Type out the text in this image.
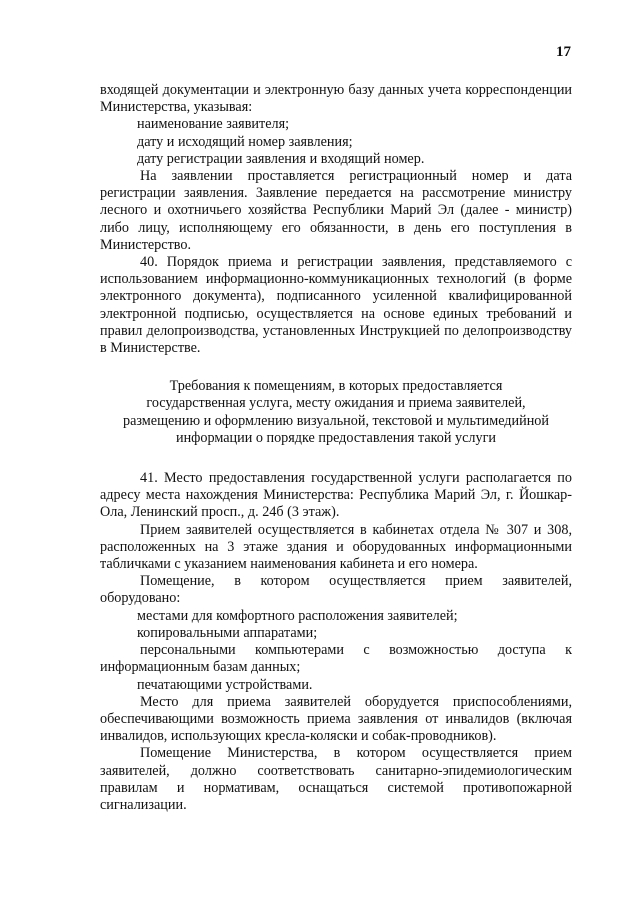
17

входящей документации и электронную базу данных учета корреспонденции Министерства, указывая:

наименование заявителя;

дату и исходящий номер заявления;

дату регистрации заявления и входящий номер.

На заявлении проставляется регистрационный номер и дата регистрации заявления. Заявление передается на рассмотрение министру лесного и охотничьего хозяйства Республики Марий Эл (далее - министр) либо лицу, исполняющему его обязанности, в день его поступления в Министерство.

40. Порядок приема и регистрации заявления, представляемого с использованием информационно-коммуникационных технологий (в форме электронного документа), подписанного усиленной квалифицированной электронной подписью, осуществляется на основе единых требований и правил делопроизводства, установленных Инструкцией по делопроизводству в Министерстве.

Требования к помещениям, в которых предоставляется

государственная услуга, месту ожидания и приема заявителей,

размещению и оформлению визуальной, текстовой и мультимедийной

информации о порядке предоставления такой услуги

41. Место предоставления государственной услуги располагается по адресу места нахождения Министерства: Республика Марий Эл, г. Йошкар-Ола, Ленинский просп., д. 24б (3 этаж).

Прием заявителей осуществляется в кабинетах отдела № 307 и 308, расположенных на 3 этаже здания и оборудованных информационными табличками с указанием наименования кабинета и его номера.

Помещение, в котором осуществляется прием заявителей, оборудовано:

местами для комфортного расположения заявителей;

копировальными аппаратами;

персональными компьютерами с возможностью доступа к информационным базам данных;

печатающими устройствами.

Место для приема заявителей оборудуется приспособлениями, обеспечивающими возможность приема заявления от инвалидов (включая инвалидов, использующих кресла-коляски и собак-проводников).

Помещение Министерства, в котором осуществляется прием заявителей, должно соответствовать санитарно-эпидемиологическим правилам и нормативам, оснащаться системой противопожарной сигнализации.
